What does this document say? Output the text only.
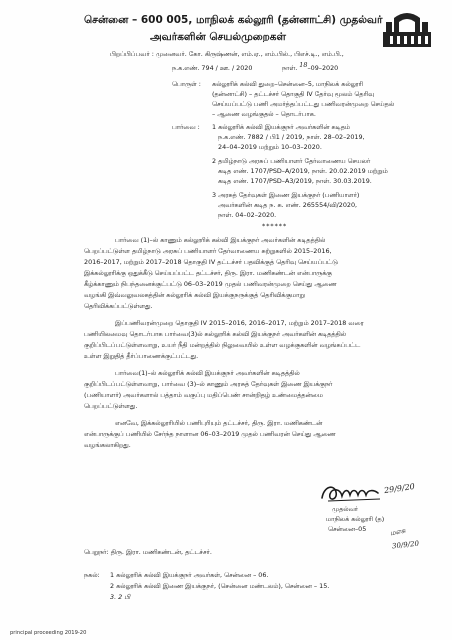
சென்னை – 600 005, மாநிலக் கல்லூரி (தன்னாட்சி) முதல்வர்
அவர்களின் செயல்முறைகள்
பிறப்பிப்பவர் : முனைவர். கோ. கிருஷ்ணன், எம்.ஏ., எம்.பில்., பிஎச்.டி., எம்.பி.,
ந.க.எண். 794 / ஊ. / 2020	நாள். 18–09–2020
பொருள் : கல்லூரிக் கல்வி துறை–சென்னை–5, மாநிலக் கல்லூரி
(தன்னாட்சி) – தட்டச்சர் தொகுதி IV தேர்வு மூலம் தெரிவு
செய்யப்பட்டு பணி அமர்த்தப்பட்டது பணிவரன்முறை செய்தல்
– ஆணை வழங்குதல் – தொடர்பாக.
பார்வை : 1 கல்லூரிக் கல்வி இயக்குநர் அவர்களின் கடிதம்
ந.க.எண். 7882 / பி1 / 2019, நாள். 28–02–2019,
24–04–2019 மற்றும் 10–03–2020.
2 தமிழ்நாடு அரசுப் பணியாளர் தேர்வாணைய செயலர்
கடித எண். 1707/PSD–A/2019, நாள். 20.02.2019 மற்றும்
கடித எண். 1707/PSD–A3/2019, நாள். 30.03.2019.
3 அரசுத் தேர்வுகள் இணை இயக்குநர் (பணியாளர்)
அவர்களின் கடித ந. க. எண். 265554/வி/2020,
நாள். 04–02–2020.
******
பார்வை (1)–ல் காணும் கல்லூரிக் கல்வி இயக்குநர் அவர்களின் கடிதத்தில்
பெறப்பட்டுள்ள தமிழ்நாடு அரசுப் பணியாளர் தேர்வாணைய சுற்றுகளில் 2015–2016,
2016–2017, மற்றும் 2017–2018 தொகுதி IV தட்டச்சர் பதவிக்குத் தெரிவு செய்யப்பட்டு
இக்கல்லூரிக்கு ஒதுக்கீடு செய்யப்பட்ட தட்டச்சர், திரு. இரா. மணிகண்டன் என்பாருக்கு
கீழ்க்காணும் நிபந்தனைக்குட்பட்டு 06–03–2019 முதல் பணிவரன்முறை செய்து ஆணை
வழங்கி இவ்வலுவலகத்தின் கல்லூரிக் கல்வி இயக்குநருக்குத் தெரிவிக்குமாறு
தெரிவிக்கப்பட்டுள்ளது.
இப்பணிவரன்முறை தொகுதி IV 2015–2016, 2016–2017, மற்றும் 2017–2018 வரை
பணியிலமைவு தொடர்பாக பார்வை(3)ல் கல்லூரிக் கல்வி இயக்குநர் அவர்களின் கடிதத்தில்
குறிப்பிடப்பட்டுள்ளவாறு, உயர் நீதி மன்றத்தில் நிலுவையில் உள்ள வழக்குகளின் வழங்கப்பட்ட
உள்ள இறுதித் தீர்ப்பாணைக்குட்பட்டது.
பார்வை(1)–ல் கல்லூரிக் கல்வி இயக்குநர் அவர்களின் கடிதத்தில்
குறிப்பிடப்பட்டுள்ளவாறு, பார்வை (3)–ல் காணும் அரசுத் தேர்வுகள் இணை இயக்குநர்
(பணியாளர்) அவர்களால் பத்தாம் வகுப்பு மதிப்பெண் சான்றிதழ் உண்மைத்தன்மை
பெறப்பட்டுள்ளது.
எனவே, இக்கல்லூரியில் பணிபுரியும் தட்டச்சர், திரு. இரா. மணிகண்டன்
என்பாருக்குப் பணியில் சேர்ந்த நாளான 06–03–2019 முதல் பணிவரன் செய்து ஆணை
வழங்கலாகிறது.
29/9/20
முதல்வர்
மாநிலக் கல்லூரி (த)
சென்னை–05
பெறுநர்: திரு. இரா. மணிகண்டன், தட்டச்சர்.
மஎசு
30/9/20
நகல்: 1 கல்லூரிக் கல்வி இயக்குநர் அவர்கள், சென்னை – 06.
2 கல்லூரிக் கல்வி இணை இயக்குநர், (சென்னை மண்டலம்), சென்னை – 15.
3. 2 பி
principal proceeding 2019-20
